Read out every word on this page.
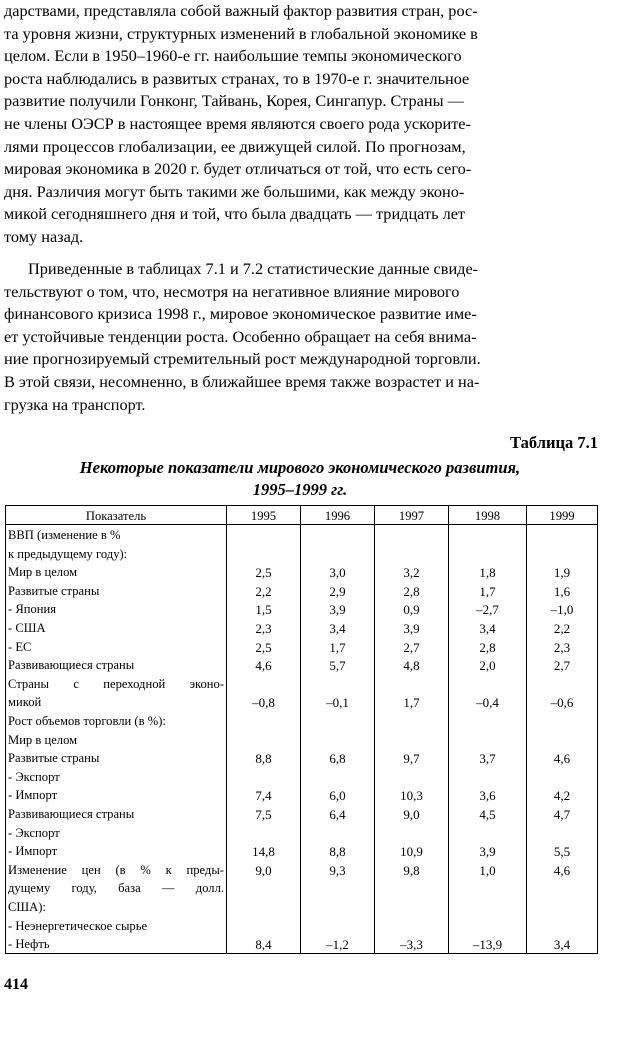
дарствами, представляла собой важный фактор развития стран, рос-
та уровня жизни, структурных изменений в глобальной экономике в
целом. Если в 1950–1960-е гг. наибольшие темпы экономического
роста наблюдались в развитых странах, то в 1970-е г. значительное
развитие получили Гонконг, Тайвань, Корея, Сингапур. Страны —
не члены ОЭСР в настоящее время являются своего рода ускорите-
лями процессов глобализации, ее движущей силой. По прогнозам,
мировая экономика в 2020 г. будет отличаться от той, что есть сего-
дня. Различия могут быть такими же большими, как между эконо-
микой сегодняшнего дня и той, что была двадцать — тридцать лет
тому назад.
Приведенные в таблицах 7.1 и 7.2 статистические данные свиде-
тельствуют о том, что, несмотря на негативное влияние мирового
финансового кризиса 1998 г., мировое экономическое развитие име-
ет устойчивые тенденции роста. Особенно обращает на себя внима-
ние прогнозируемый стремительный рост международной торговли.
В этой связи, несомненно, в ближайшее время также возрастет и на-
грузка на транспорт.
Таблица 7.1
Некоторые показатели мирового экономического развития,
1995–1999 гг.
Показатель	1995	1996	1997	1998	1999
ВВП (изменение в %					
к предыдущему году):					
Мир в целом	2,5	3,0	3,2	1,8	1,9
Развитые страны	2,2	2,9	2,8	1,7	1,6
- Япония	1,5	3,9	0,9	–2,7	–1,0
- США	2,3	3,4	3,9	3,4	2,2
- ЕС	2,5	1,7	2,7	2,8	2,3
Развивающиеся страны	4,6	5,7	4,8	2,0	2,7
Страны с переходной эконо-					
микой	–0,8	–0,1	1,7	–0,4	–0,6
Рост объемов торговли (в %):					
Мир в целом					
Развитые страны	8,8	6,8	9,7	3,7	4,6
- Экспорт					
- Импорт	7,4	6,0	10,3	3,6	4,2
Развивающиеся страны	7,5	6,4	9,0	4,5	4,7
- Экспорт					
- Импорт	14,8	8,8	10,9	3,9	5,5
Изменение цен (в % к преды-	9,0	9,3	9,8	1,0	4,6
дущему году, база — долл.					
США):					
- Неэнергетическое сырье					
- Нефть	8,4	–1,2	–3,3	–13,9	3,4
414
